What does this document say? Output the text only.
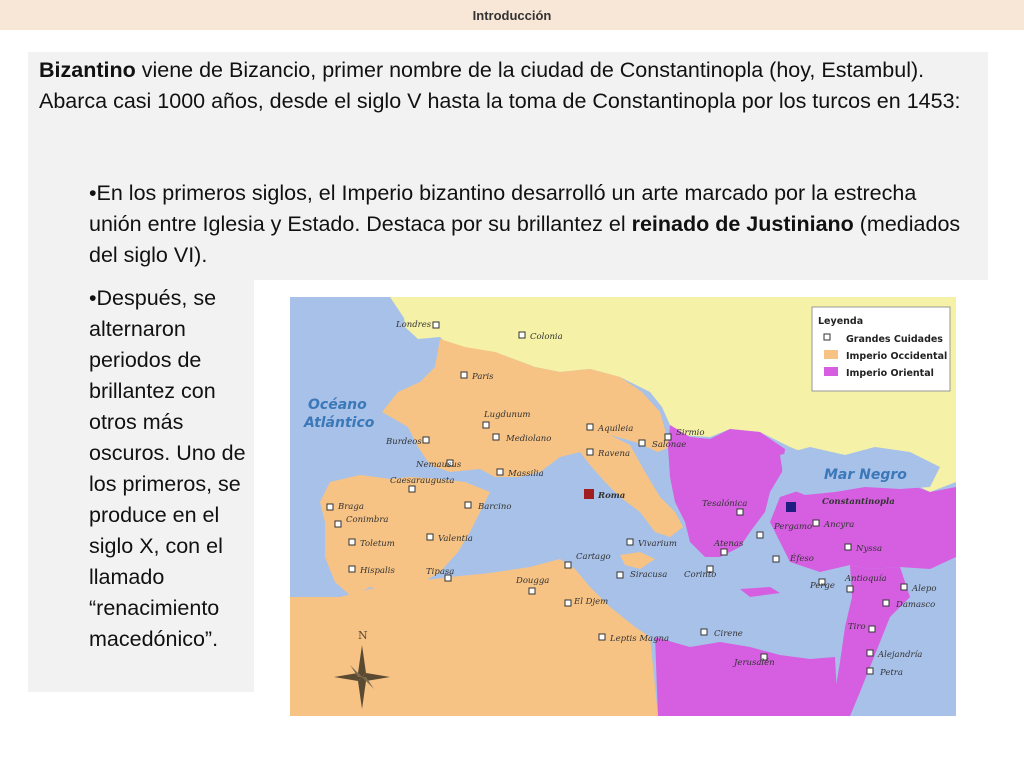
Introducción

Bizantino viene de Bizancio, primer nombre de la ciudad de Constantinopla (hoy, Estambul). Abarca casi 1000 años, desde el siglo V hasta la toma de Constantinopla por los turcos en 1453:

•En los primeros siglos, el Imperio bizantino desarrolló un arte marcado por la estrecha unión entre Iglesia y Estado. Destaca por su brillantez el reinado de Justiniano (mediados del siglo VI).

•Después, se alternaron periodos de brillantez con otros más oscuros. Uno de los primeros, se produce en el siglo X, con el llamado “renacimiento macedónico”.	N
Océano
Atlántico
Mar Negro
Leyenda
Grandes Cuidades
Imperio Occidental
Imperio Oriental
Roma
Constantinopla
Londres
Colonia
Paris
Lugdunum
Aquileia	Sirmio
Mediolano
Ravena
Burdeos
Nemausus
Massilia
Salonae
Caesaraugusta
Braga	Barcino	Tesalónica
Conimbra
Toletum	Valentia	Vivarium
Pergamo Ancyra
Nyssa
Atenas
Éfeso
Hispalis
Cartago
Siracusa Corinto
Perge
Antioquía
Alepo
Tipasa
Dougga
El Djem	Damasco
Tiro
Leptis Magna	Cirene
Jerusalén
Alejandría
Petra
